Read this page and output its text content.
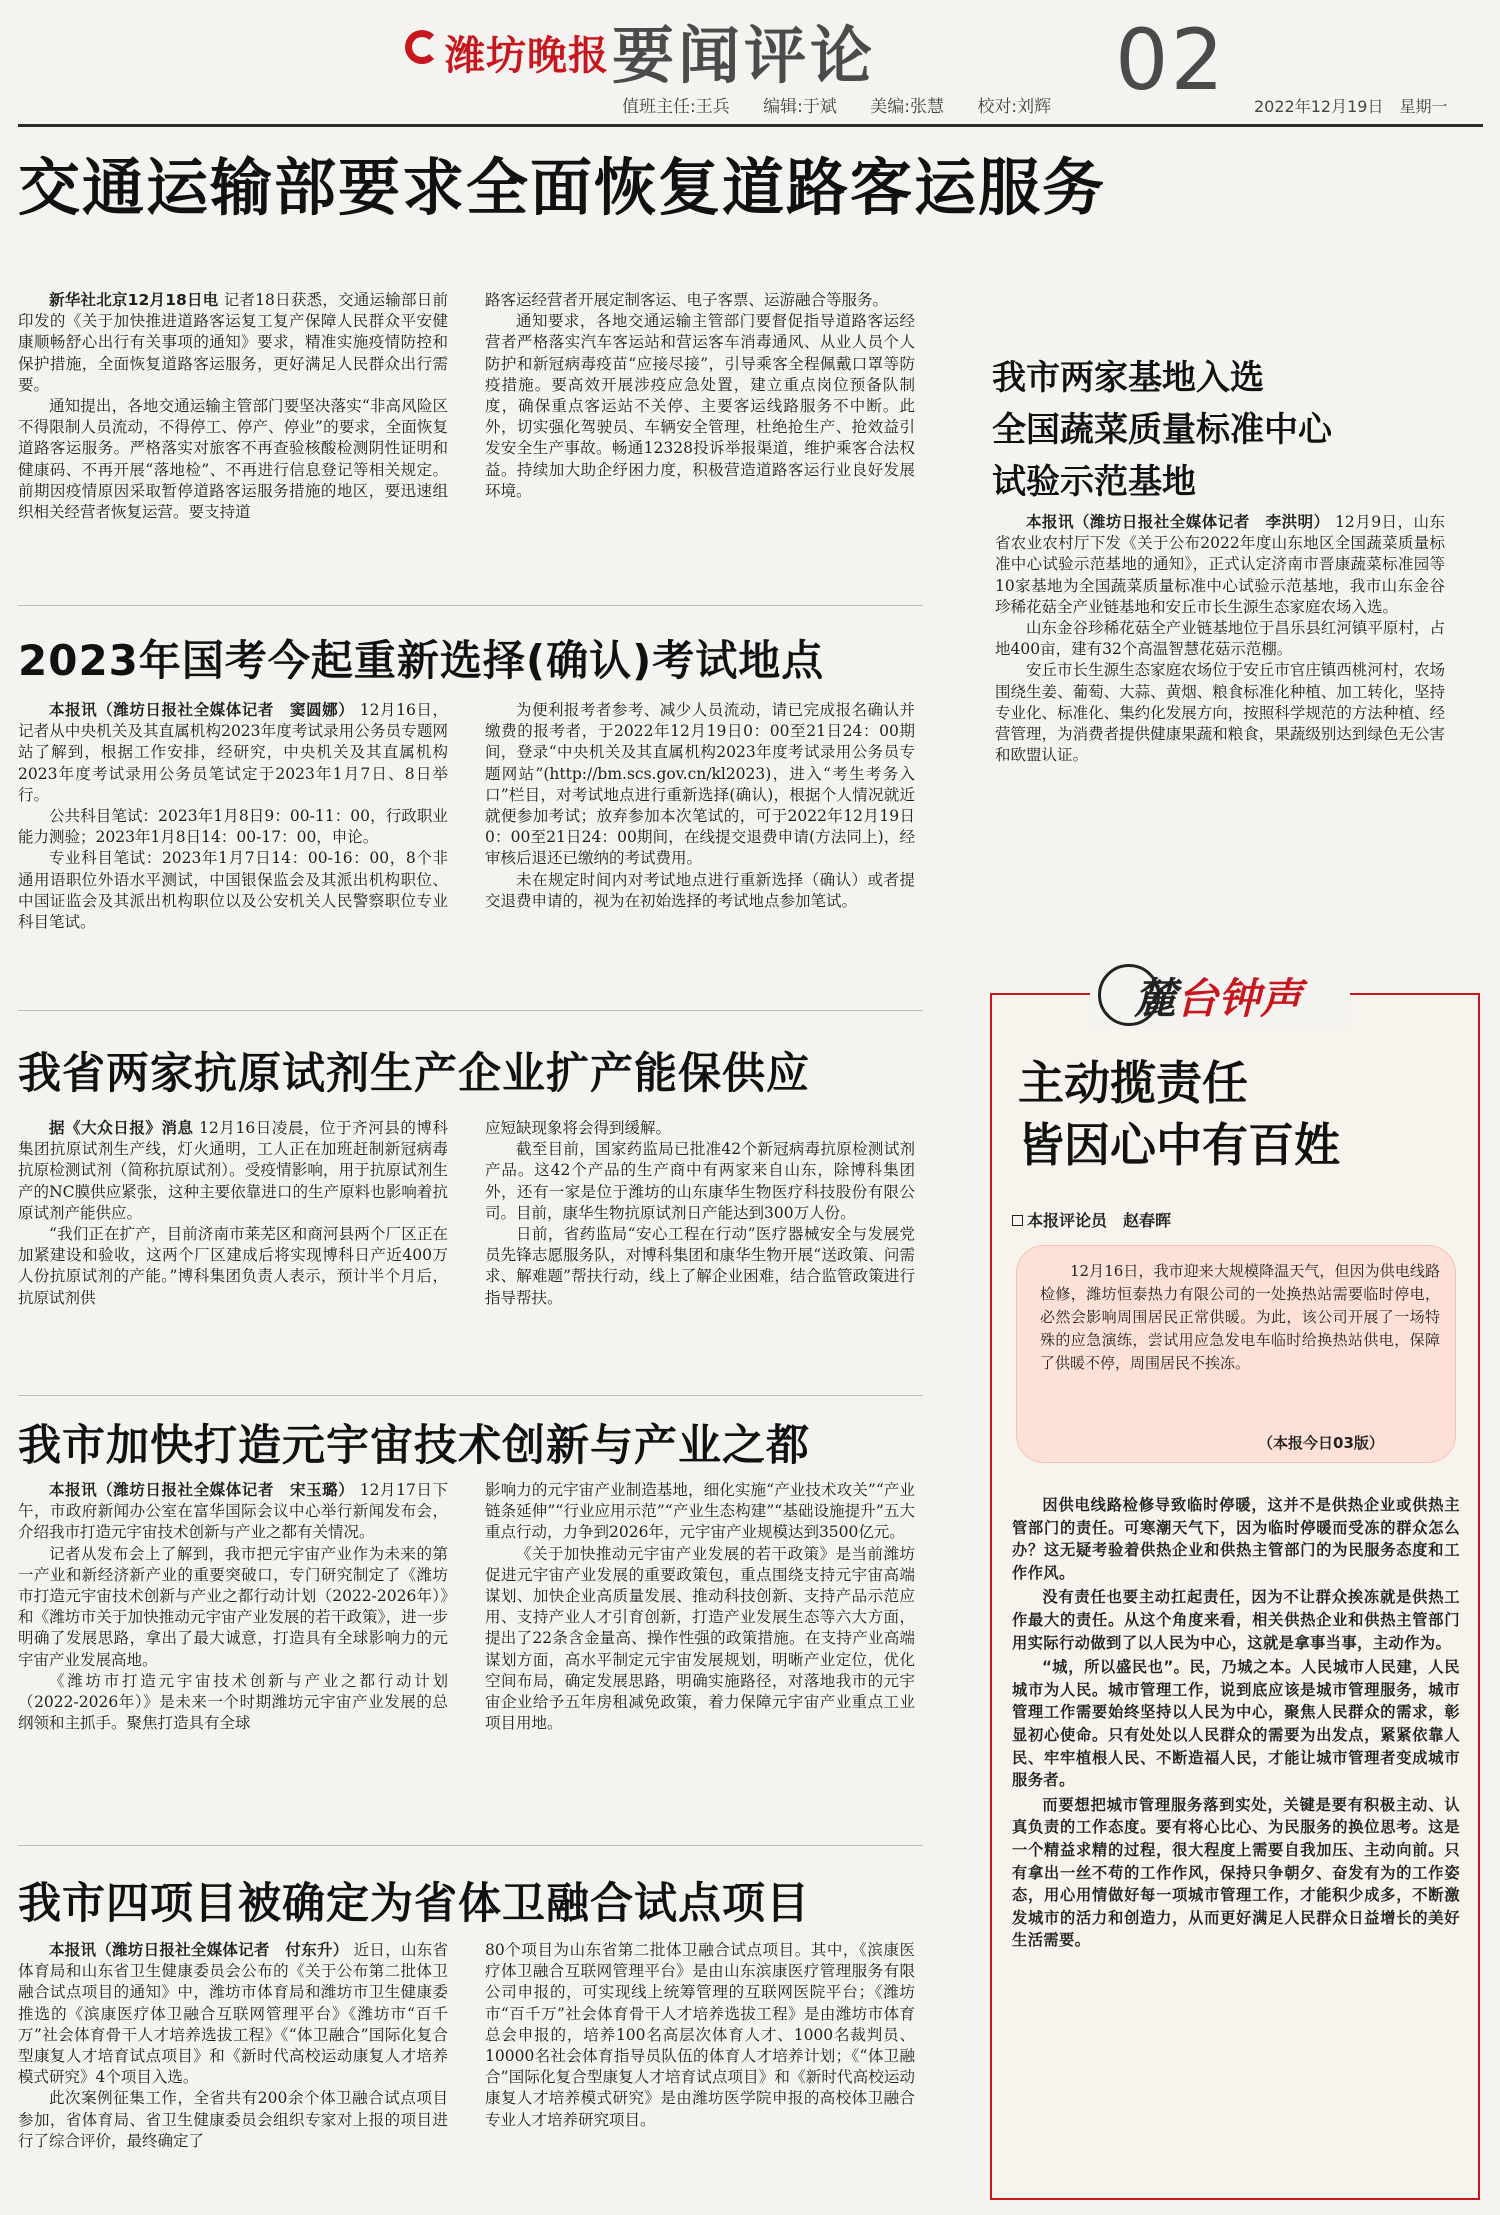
潍坊晚报 要闻评论	02
值班主任:王兵 编辑:于斌 美编:张慧 校对:刘辉	2022年12月19日　星期一
交通运输部要求全面恢复道路客运服务
新华社北京12月18日电 记者18日获悉，交通运输部日前印发的《关于加快推进道路客运复工复产保障人民群众平安健康顺畅舒心出行有关事项的通知》要求，精准实施疫情防控和保护措施，全面恢复道路客运服务，更好满足人民群众出行需要。
通知提出，各地交通运输主管部门要坚决落实“非高风险区不得限制人员流动，不得停工、停产、停业”的要求，全面恢复道路客运服务。严格落实对旅客不再查验核酸检测阴性证明和健康码、不再开展“落地检”、不再进行信息登记等相关规定。前期因疫情原因采取暂停道路客运服务措施的地区，要迅速组织相关经营者恢复运营。要支持道
路客运经营者开展定制客运、电子客票、运游融合等服务。
通知要求，各地交通运输主管部门要督促指导道路客运经营者严格落实汽车客运站和营运客车消毒通风、从业人员个人防护和新冠病毒疫苗“应接尽接”，引导乘客全程佩戴口罩等防疫措施。要高效开展涉疫应急处置，建立重点岗位预备队制度，确保重点客运站不关停、主要客运线路服务不中断。此外，切实强化驾驶员、车辆安全管理，杜绝抢生产、抢效益引发安全生产事故。畅通12328投诉举报渠道，维护乘客合法权益。持续加大助企纾困力度，积极营造道路客运行业良好发展环境。
2023年国考今起重新选择(确认)考试地点
本报讯（潍坊日报社全媒体记者　窦圆娜） 12月16日，记者从中央机关及其直属机构2023年度考试录用公务员专题网站了解到，根据工作安排，经研究，中央机关及其直属机构2023年度考试录用公务员笔试定于2023年1月7日、8日举行。
公共科目笔试：2023年1月8日9：00-11：00，行政职业能力测验；2023年1月8日14：00-17：00，申论。
专业科目笔试：2023年1月7日14：00-16：00，8个非通用语职位外语水平测试，中国银保监会及其派出机构职位、中国证监会及其派出机构职位以及公安机关人民警察职位专业科目笔试。
为便利报考者参考、减少人员流动，请已完成报名确认并缴费的报考者，于2022年12月19日0：00至21日24：00期间，登录“中央机关及其直属机构2023年度考试录用公务员专题网站”(http://bm.scs.gov.cn/kl2023)，进入“考生考务入口”栏目，对考试地点进行重新选择(确认)，根据个人情况就近就便参加考试；放弃参加本次笔试的，可于2022年12月19日0：00至21日24：00期间，在线提交退费申请(方法同上)，经审核后退还已缴纳的考试费用。
未在规定时间内对考试地点进行重新选择（确认）或者提交退费申请的，视为在初始选择的考试地点参加笔试。
我省两家抗原试剂生产企业扩产能保供应
据《大众日报》消息 12月16日凌晨，位于齐河县的博科集团抗原试剂生产线，灯火通明，工人正在加班赶制新冠病毒抗原检测试剂（简称抗原试剂）。受疫情影响，用于抗原试剂生产的NC膜供应紧张，这种主要依靠进口的生产原料也影响着抗原试剂产能供应。
“我们正在扩产，目前济南市莱芜区和商河县两个厂区正在加紧建设和验收，这两个厂区建成后将实现博科日产近400万人份抗原试剂的产能。”博科集团负责人表示，预计半个月后，抗原试剂供
应短缺现象将会得到缓解。
截至目前，国家药监局已批准42个新冠病毒抗原检测试剂产品。这42个产品的生产商中有两家来自山东，除博科集团外，还有一家是位于潍坊的山东康华生物医疗科技股份有限公司。目前，康华生物抗原试剂日产能达到300万人份。
日前，省药监局“安心工程在行动”医疗器械安全与发展党员先锋志愿服务队，对博科集团和康华生物开展“送政策、问需求、解难题”帮扶行动，线上了解企业困难，结合监管政策进行指导帮扶。
我市加快打造元宇宙技术创新与产业之都
本报讯（潍坊日报社全媒体记者　宋玉璐） 12月17日下午，市政府新闻办公室在富华国际会议中心举行新闻发布会，介绍我市打造元宇宙技术创新与产业之都有关情况。
记者从发布会上了解到，我市把元宇宙产业作为未来的第一产业和新经济新产业的重要突破口，专门研究制定了《潍坊市打造元宇宙技术创新与产业之都行动计划（2022-2026年）》和《潍坊市关于加快推动元宇宙产业发展的若干政策》，进一步明确了发展思路，拿出了最大诚意，打造具有全球影响力的元宇宙产业发展高地。
《潍坊市打造元宇宙技术创新与产业之都行动计划（2022-2026年）》是未来一个时期潍坊元宇宙产业发展的总纲领和主抓手。聚焦打造具有全球
影响力的元宇宙产业制造基地，细化实施“产业技术攻关”“产业链条延伸”“行业应用示范”“产业生态构建”“基础设施提升”五大重点行动，力争到2026年，元宇宙产业规模达到3500亿元。
《关于加快推动元宇宙产业发展的若干政策》是当前潍坊促进元宇宙产业发展的重要政策包，重点围绕支持元宇宙高端谋划、加快企业高质量发展、推动科技创新、支持产品示范应用、支持产业人才引育创新，打造产业发展生态等六大方面，提出了22条含金量高、操作性强的政策措施。在支持产业高端谋划方面，高水平制定元宇宙发展规划，明晰产业定位，优化空间布局，确定发展思路，明确实施路径，对落地我市的元宇宙企业给予五年房租减免政策，着力保障元宇宙产业重点工业项目用地。
我市四项目被确定为省体卫融合试点项目
本报讯（潍坊日报社全媒体记者　付东升） 近日，山东省体育局和山东省卫生健康委员会公布的《关于公布第二批体卫融合试点项目的通知》中，潍坊市体育局和潍坊市卫生健康委推选的《滨康医疗体卫融合互联网管理平台》《潍坊市“百千万”社会体育骨干人才培养选拔工程》《“体卫融合”国际化复合型康复人才培育试点项目》和《新时代高校运动康复人才培养模式研究》4个项目入选。
此次案例征集工作，全省共有200余个体卫融合试点项目参加，省体育局、省卫生健康委员会组织专家对上报的项目进行了综合评价，最终确定了
80个项目为山东省第二批体卫融合试点项目。其中，《滨康医疗体卫融合互联网管理平台》是由山东滨康医疗管理服务有限公司申报的，可实现线上统筹管理的互联网医院平台；《潍坊市“百千万”社会体育骨干人才培养选拔工程》是由潍坊市体育总会申报的，培养100名高层次体育人才、1000名裁判员、10000名社会体育指导员队伍的体育人才培养计划；《“体卫融合”国际化复合型康复人才培育试点项目》和《新时代高校运动康复人才培养模式研究》是由潍坊医学院申报的高校体卫融合专业人才培养研究项目。
我市两家基地入选
全国蔬菜质量标准中心
试验示范基地
本报讯（潍坊日报社全媒体记者　李洪明） 12月9日，山东省农业农村厅下发《关于公布2022年度山东地区全国蔬菜质量标准中心试验示范基地的通知》，正式认定济南市晋康蔬菜标准园等10家基地为全国蔬菜质量标准中心试验示范基地，我市山东金谷珍稀花菇全产业链基地和安丘市长生源生态家庭农场入选。
山东金谷珍稀花菇全产业链基地位于昌乐县红河镇平原村，占地400亩，建有32个高温智慧花菇示范棚。
安丘市长生源生态家庭农场位于安丘市官庄镇西桃河村，农场围绕生姜、葡萄、大蒜、黄烟、粮食标准化种植、加工转化，坚持专业化、标准化、集约化发展方向，按照科学规范的方法种植、经营管理，为消费者提供健康果蔬和粮食，果蔬级别达到绿色无公害和欧盟认证。
麓台钟声
主动揽责任
皆因心中有百姓
本报评论员　赵春晖
12月16日，我市迎来大规模降温天气，但因为供电线路检修，潍坊恒泰热力有限公司的一处换热站需要临时停电，必然会影响周围居民正常供暖。为此，该公司开展了一场特殊的应急演练，尝试用应急发电车临时给换热站供电，保障了供暖不停，周围居民不挨冻。
（本报今日03版）

因供电线路检修导致临时停暖，这并不是供热企业或供热主管部门的责任。可寒潮天气下，因为临时停暖而受冻的群众怎么办？这无疑考验着供热企业和供热主管部门的为民服务态度和工作作风。

没有责任也要主动扛起责任，因为不让群众挨冻就是供热工作最大的责任。从这个角度来看，相关供热企业和供热主管部门用实际行动做到了以人民为中心，这就是拿事当事，主动作为。

“城，所以盛民也”。民，乃城之本。人民城市人民建，人民城市为人民。城市管理工作，说到底应该是城市管理服务，城市管理工作需要始终坚持以人民为中心，聚焦人民群众的需求，彰显初心使命。只有处处以人民群众的需要为出发点，紧紧依靠人民、牢牢植根人民、不断造福人民，才能让城市管理者变成城市服务者。

而要想把城市管理服务落到实处，关键是要有积极主动、认真负责的工作态度。要有将心比心、为民服务的换位思考。这是一个精益求精的过程，很大程度上需要自我加压、主动向前。只有拿出一丝不苟的工作作风，保持只争朝夕、奋发有为的工作姿态，用心用情做好每一项城市管理工作，才能积少成多，不断激发城市的活力和创造力，从而更好满足人民群众日益增长的美好生活需要。
